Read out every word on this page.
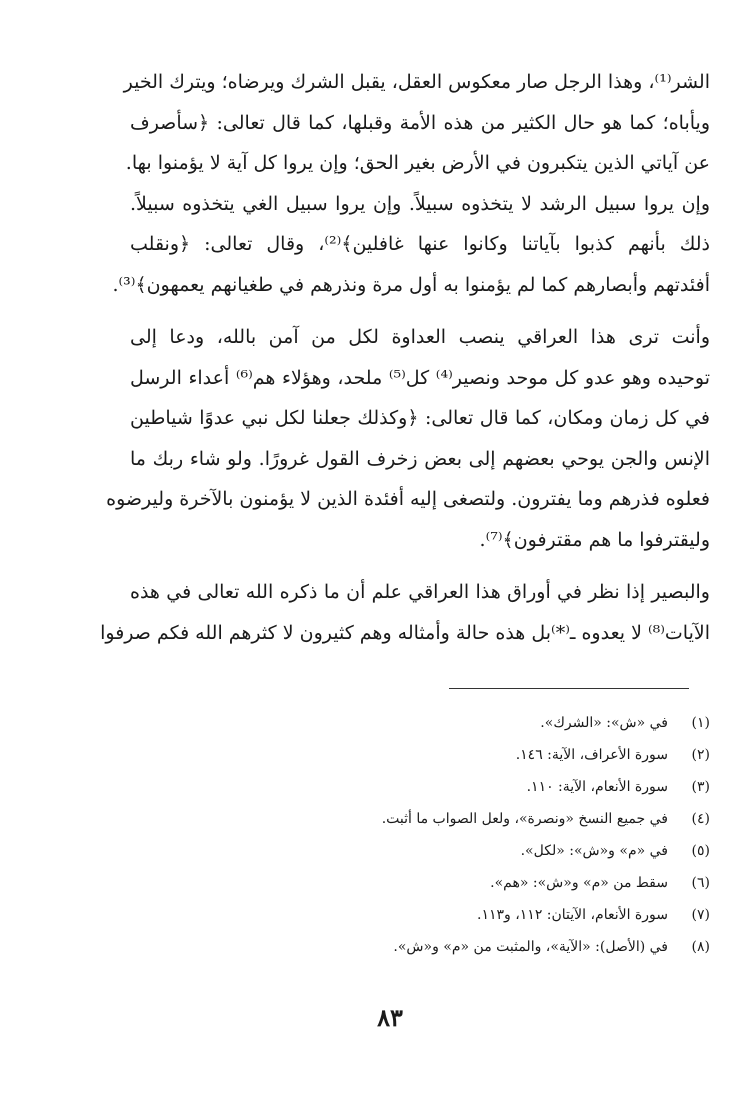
الشر⁽¹⁾، وهذا الرجل صار معكوس العقل، يقبل الشرك ويرضاه؛ ويترك الخير
ويأباه؛ كما هو حال الكثير من هذه الأمة وقبلها، كما قال تعالى: ﴿سأصرف
عن آياتي الذين يتكبرون في الأرض بغير الحق؛ وإن يروا كل آية لا يؤمنوا بها.
وإن يروا سبيل الرشد لا يتخذوه سبيلاً. وإن يروا سبيل الغي يتخذوه سبيلاً.
ذلك بأنهم كذبوا بآياتنا وكانوا عنها غافلين﴾⁽²⁾، وقال تعالى: ﴿ونقلب
أفئدتهم وأبصارهم كما لم يؤمنوا به أول مرة ونذرهم في طغيانهم يعمهون﴾⁽³⁾.
وأنت ترى هذا العراقي ينصب العداوة لكل من آمن بالله، ودعا إلى
توحيده وهو عدو كل موحد ونصير⁽⁴⁾ كل⁽⁵⁾ ملحد، وهؤلاء هم⁽⁶⁾ أعداء الرسل
في كل زمان ومكان، كما قال تعالى: ﴿وكذلك جعلنا لكل نبي عدوًا شياطين
الإنس والجن يوحي بعضهم إلى بعض زخرف القول غرورًا. ولو شاء ربك ما
فعلوه فذرهم وما يفترون. ولتصغى إليه أفئدة الذين لا يؤمنون بالآخرة وليرضوه
وليقترفوا ما هم مقترفون﴾⁽⁷⁾.
والبصير إذا نظر في أوراق هذا العراقي علم أن ما ذكره الله تعالى في هذه
الآيات⁽⁸⁾ لا يعدوه ـ⁽*⁾بل هذه حالة وأمثاله وهم كثيرون لا كثرهم الله فكم صرفوا
(١)في «ش»: «الشرك».
(٢)سورة الأعراف، الآية: ١٤٦.
(٣)سورة الأنعام، الآية: ١١٠.
(٤)في جميع النسخ «ونصرة»، ولعل الصواب ما أثبت.
(٥)في «م» و«ش»: «لكل».
(٦)سقط من «م» و«ش»: «هم».
(٧)سورة الأنعام، الآيتان: ١١٢، و١١٣.
(٨)في (الأصل): «الآية»، والمثبت من «م» و«ش».
٨٣
